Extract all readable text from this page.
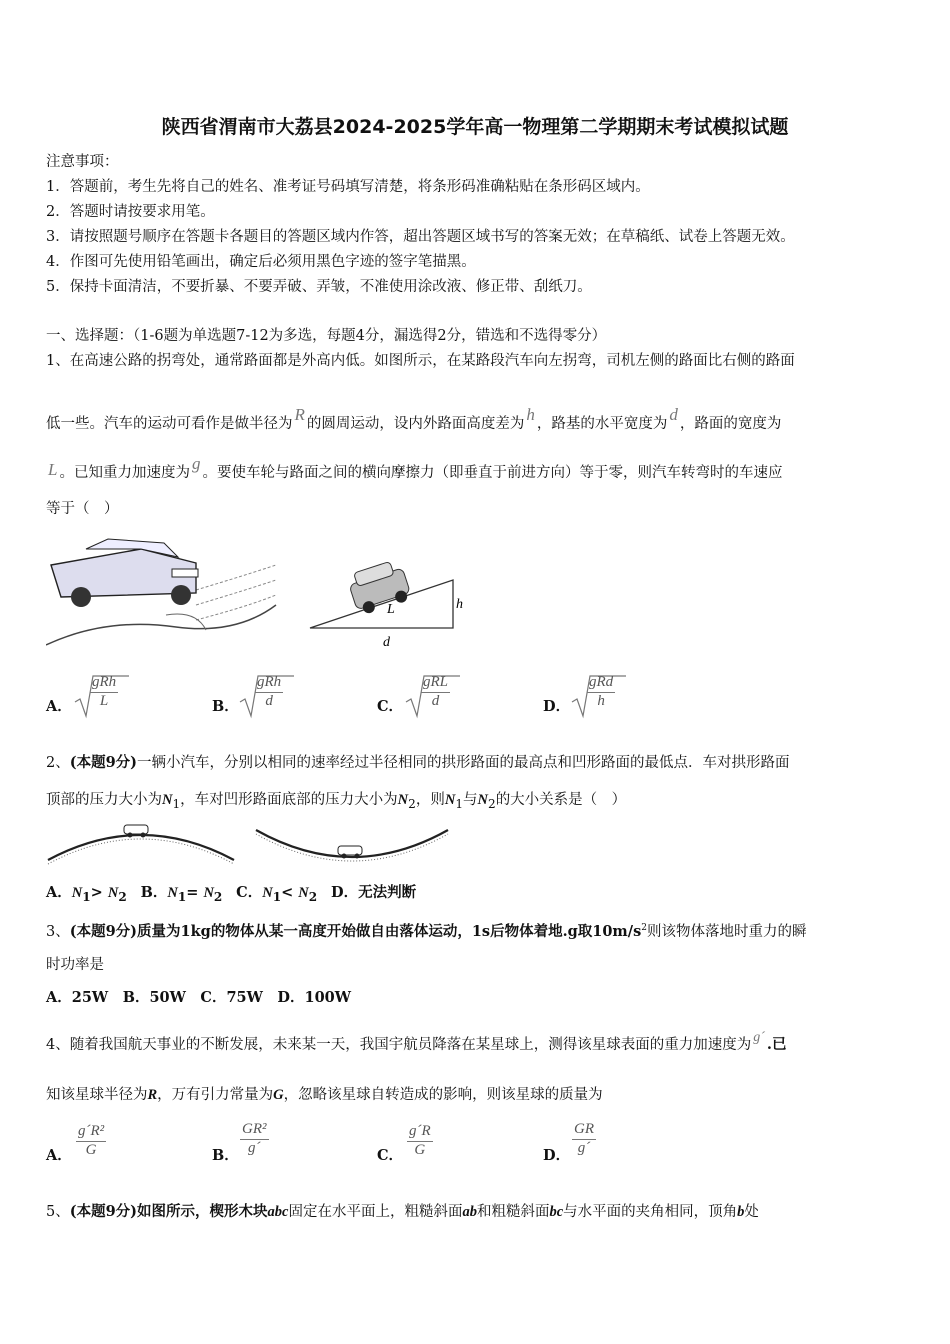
陕西省渭南市大荔县2024-2025学年高一物理第二学期期末考试模拟试题
注意事项：
1．答题前，考生先将自己的姓名、准考证号码填写清楚，将条形码准确粘贴在条形码区域内。
2．答题时请按要求用笔。
3．请按照题号顺序在答题卡各题目的答题区域内作答，超出答题区域书写的答案无效；在草稿纸、试卷上答题无效。
4．作图可先使用铅笔画出，确定后必须用黑色字迹的签字笔描黑。
5．保持卡面清洁，不要折暴、不要弄破、弄皱，不准使用涂改液、修正带、刮纸刀。
一、选择题：（1-6题为单选题7-12为多选，每题4分，漏选得2分，错选和不选得零分）
1、在高速公路的拐弯处，通常路面都是外高内低。如图所示，在某路段汽车向左拐弯，司机左侧的路面比右侧的路面
低一些。汽车的运动可看作是做半径为 R 的圆周运动，设内外路面高度差为 h ，路基的水平宽度为 d ，路面的宽度为
L 。已知重力加速度为 g 。要使车轮与路面之间的横向摩擦力（即垂直于前进方向）等于零，则汽车转弯时的车速应
等于（　）
L	h
d
A．
gRh
L	B．
gRh
d	C．
gRL
d	D．
gRd
h
2、(本题9分)一辆小汽车，分别以相同的速率经过半径相同的拱形路面的最高点和凹形路面的最低点．车对拱形路面
顶部的压力大小为$N_1$，车对凹形路面底部的压力大小为$N_2$，则$N_1$与$N_2$的大小关系是（　）
A．$N_1> N_2$ B．$N_1= N_2$ C．$N_1< N_2$ D．无法判断
3、(本题9分)质量为1kg的物体从某一高度开始做自由落体运动，1s后物体着地.g取$10m/s^2$则该物体落地时重力的瞬
时功率是
A．25W　B．50W　C．75W　D．100W
4、随着我国航天事业的不断发展，未来某一天，我国宇航员降落在某星球上，测得该星球表面的重力加速度为 g´ .已
知该星球半径为R，万有引力常量为G，忽略该星球自转造成的影响，则该星球的质量为
A． $\frac{\text{g´R²}}{G}$	B． $\frac{\text{GR²}}{g´}$	C． $\frac{g´R}{G}$	D． $\frac{GR}{g´}$
5、(本题9分)如图所示，楔形木块abc固定在水平面上，粗糙斜面ab和粗糙斜面bc与水平面的夹角相同，顶角b处
